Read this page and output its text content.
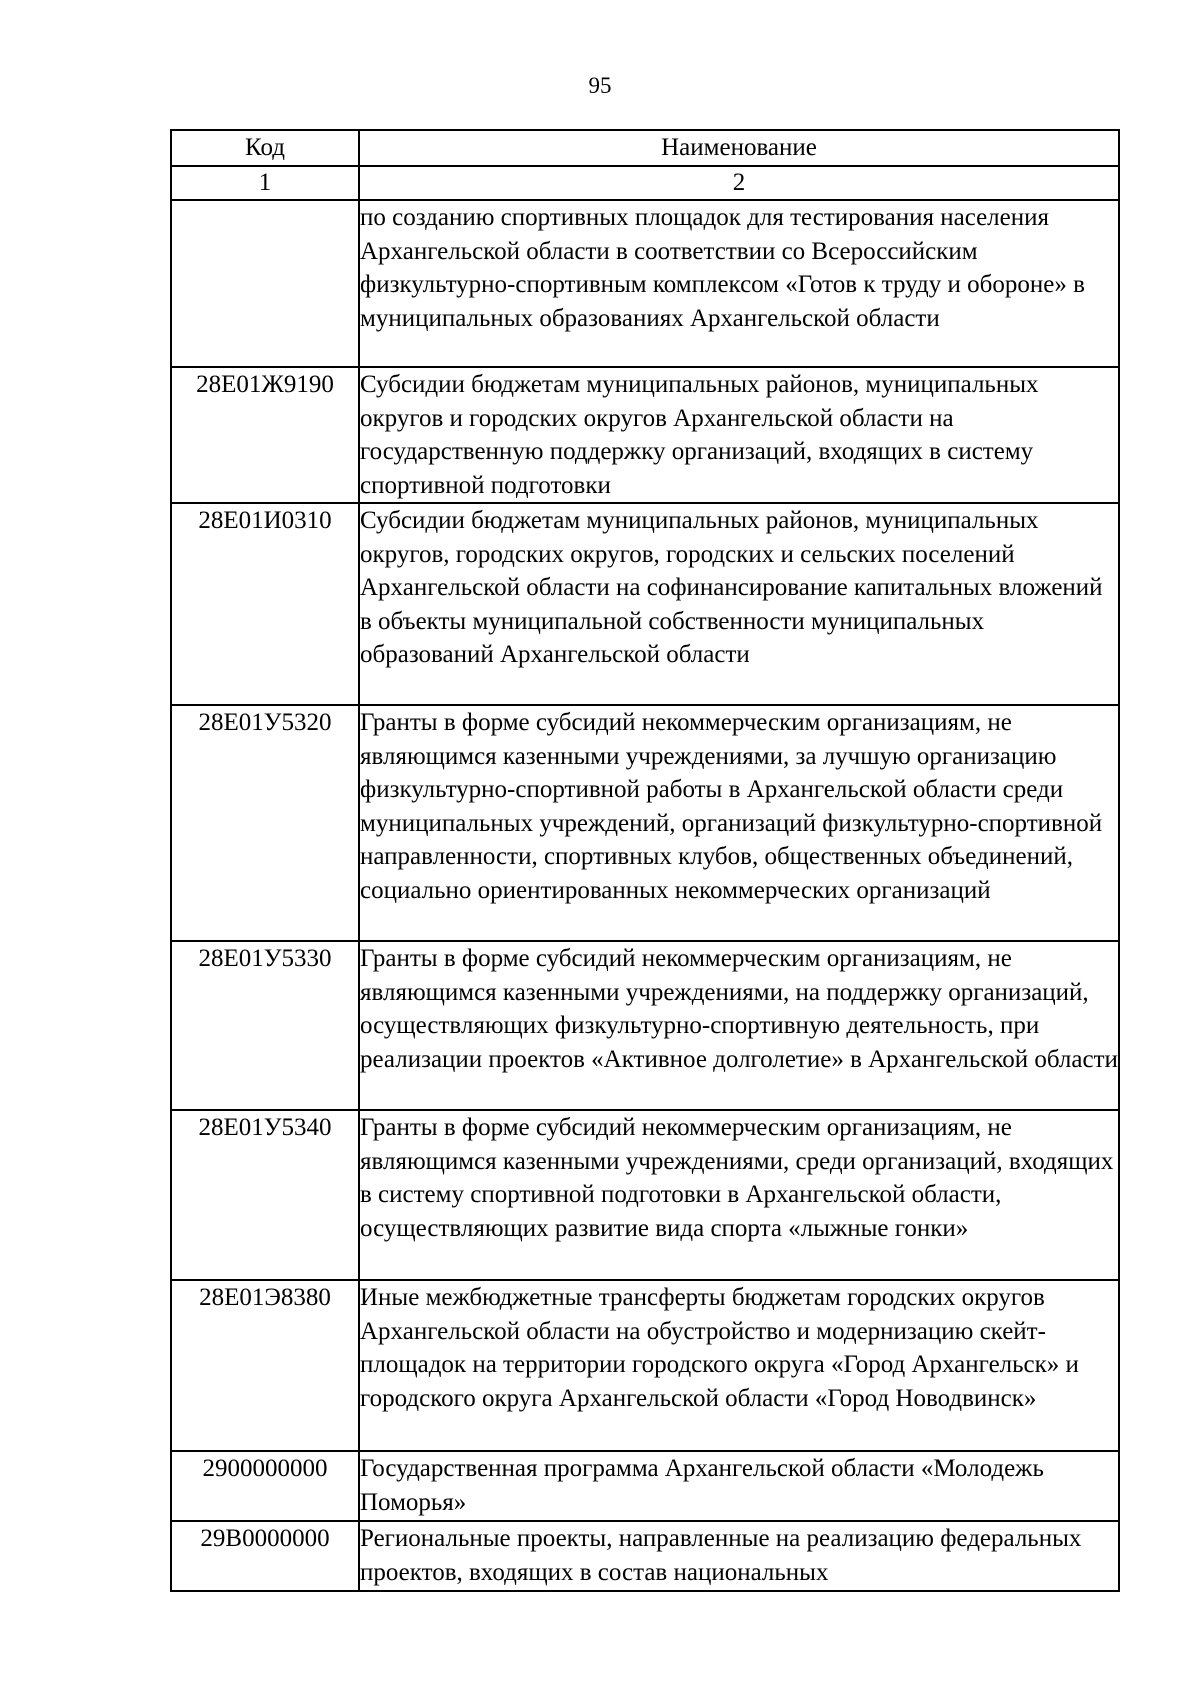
95
Код	Наименование
1	2
	по созданию спортивных площадок для тестирования населения Архангельской области в соответствии со Всероссийским физкультурно-спортивным комплексом «Готов к труду и обороне» в муниципальных образованиях Архангельской области
28Е01Ж9190	Субсидии бюджетам муниципальных районов, муниципальных округов и городских округов Архангельской области на государственную поддержку организаций, входящих в систему спортивной подготовки
28Е01И0310	Субсидии бюджетам муниципальных районов, муниципальных округов, городских округов, городских и сельских поселений Архангельской области на софинансирование капитальных вложений в объекты муниципальной собственности муниципальных образований Архангельской области
28Е01У5320	Гранты в форме субсидий некоммерческим организациям, не являющимся казенными учреждениями, за лучшую организацию физкультурно-спортивной работы в Архангельской области среди муниципальных учреждений, организаций физкультурно-спортивной направленности, спортивных клубов, общественных объединений, социально ориентированных некоммерческих организаций
28Е01У5330	Гранты в форме субсидий некоммерческим организациям, не являющимся казенными учреждениями, на поддержку организаций, осуществляющих физкультурно-спортивную деятельность, при реализации проектов «Активное долголетие» в Архангельской области
28Е01У5340	Гранты в форме субсидий некоммерческим организациям, не являющимся казенными учреждениями, среди организаций, входящих в систему спортивной подготовки в Архангельской области, осуществляющих развитие вида спорта «лыжные гонки»
28Е01Э8380	Иные межбюджетные трансферты бюджетам городских округов Архангельской области на обустройство и модернизацию скейт-площадок на территории городского округа «Город Архангельск» и городского округа Архангельской области «Город Новодвинск»
2900000000	Государственная программа Архангельской области «Молодежь Поморья»
29В0000000	Региональные проекты, направленные на реализацию федеральных проектов, входящих в состав национальных
